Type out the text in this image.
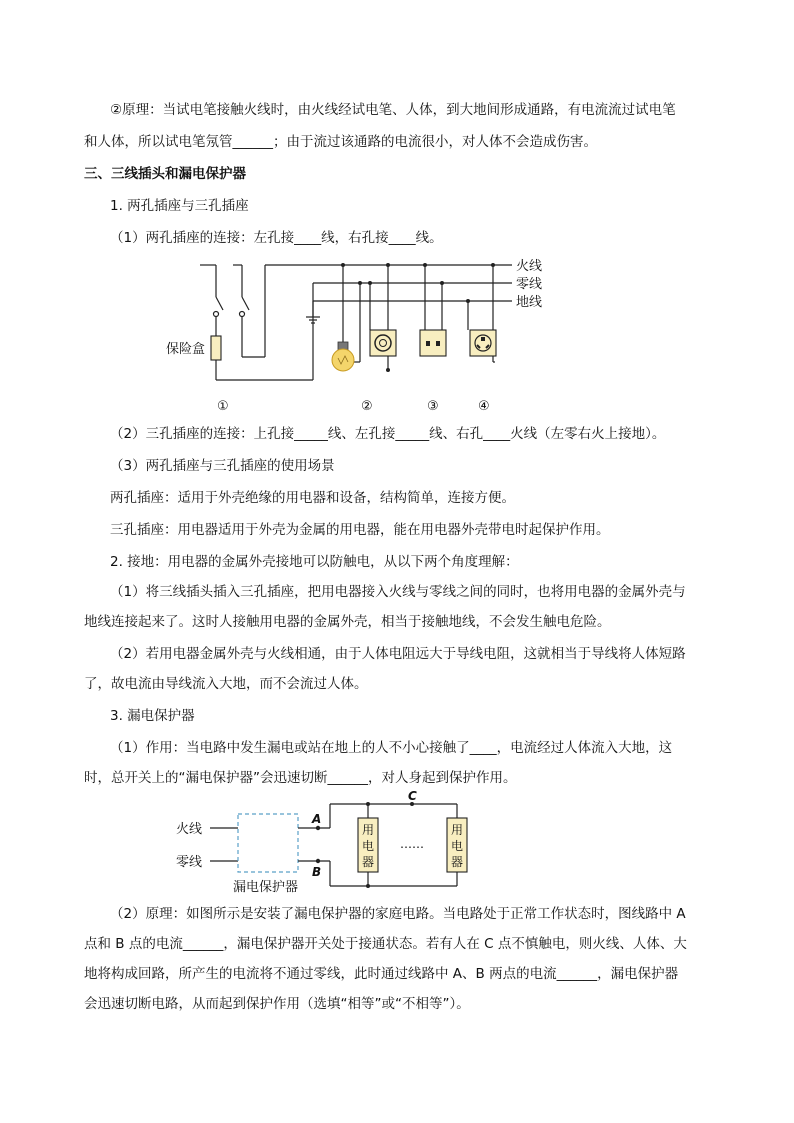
②原理：当试电笔接触火线时，由火线经试电笔、人体，到大地间形成通路，有电流流过试电笔
和人体，所以试电笔氖管______；由于流过该通路的电流很小，对人体不会造成伤害。
三、三线插头和漏电保护器
1. 两孔插座与三孔插座
（1）两孔插座的连接：左孔接____线，右孔接____线。
火线
零线
地线
保险盒
①	②	③	④
（2）三孔插座的连接：上孔接_____线、左孔接_____线、右孔____火线（左零右火上接地）。
（3）两孔插座与三孔插座的使用场景
两孔插座：适用于外壳绝缘的用电器和设备，结构简单，连接方便。
三孔插座：用电器适用于外壳为金属的用电器，能在用电器外壳带电时起保护作用。
2. 接地：用电器的金属外壳接地可以防触电，从以下两个角度理解：
（1）将三线插头插入三孔插座，把用电器接入火线与零线之间的同时，也将用电器的金属外壳与
地线连接起来了。这时人接触用电器的金属外壳，相当于接触地线，不会发生触电危险。
（2）若用电器金属外壳与火线相通，由于人体电阻远大于导线电阻，这就相当于导线将人体短路
了，故电流由导线流入大地，而不会流过人体。
3. 漏电保护器
（1）作用：当电路中发生漏电或站在地上的人不小心接触了____，电流经过人体流入大地，这
时，总开关上的“漏电保护器”会迅速切断______，对人身起到保护作用。
用
电
器
用
电
器
……
火线
零线
漏电保护器
A
B
C
（2）原理：如图所示是安装了漏电保护器的家庭电路。当电路处于正常工作状态时，图线路中 A
点和 B 点的电流______，漏电保护器开关处于接通状态。若有人在 C 点不慎触电，则火线、人体、大
地将构成回路，所产生的电流将不通过零线，此时通过线路中 A、B 两点的电流______，漏电保护器
会迅速切断电路，从而起到保护作用（选填“相等”或“不相等”）。
